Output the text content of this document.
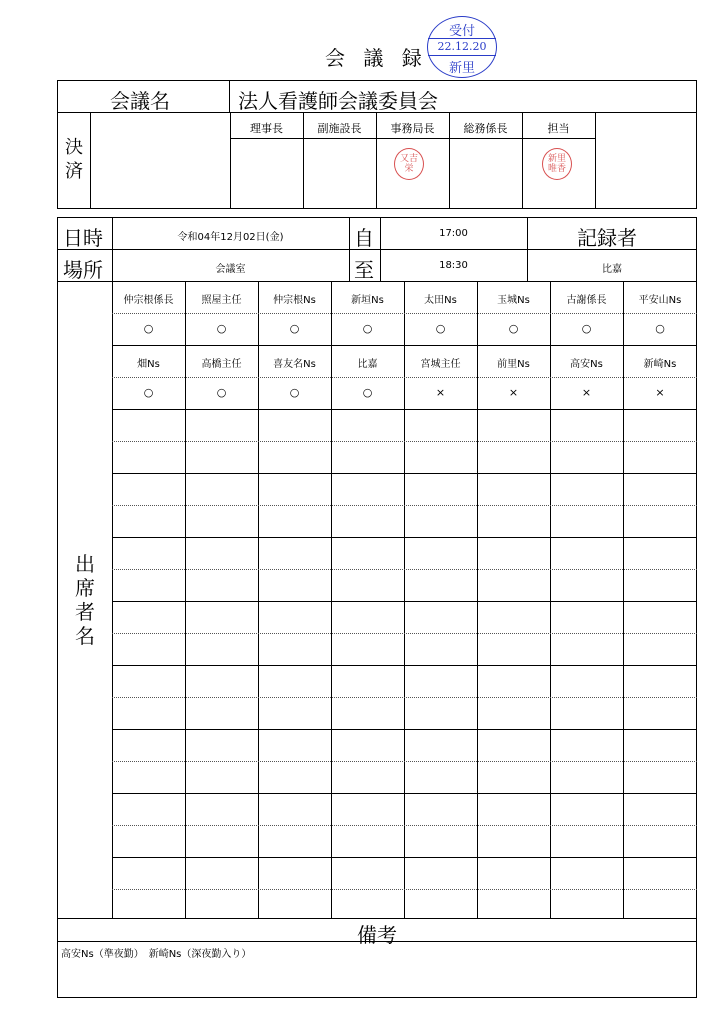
会 議 録
受付
22.12.20
新里
会議名	法人看護師会議委員会
決済
理事長	副施設長	事務局長	総務係長	担当
又吉 栄
新里 唯香
日時	令和04年12月02日(金)	自	17:00	記録者
場所	会議室	至	18:30	比嘉
出席者名
仲宗根係長	照屋主任	仲宗根Ns	新垣Ns	太田Ns	玉城Ns	古謝係長	平安山Ns
○	○	○	○	○	○	○	○
畑Ns	高橋主任	喜友名Ns	比嘉	宮城主任	前里Ns	高安Ns	新崎Ns
○	○	○	○	×	×	×	×
備考
高安Ns（準夜勤）　新崎Ns（深夜勤入り）
